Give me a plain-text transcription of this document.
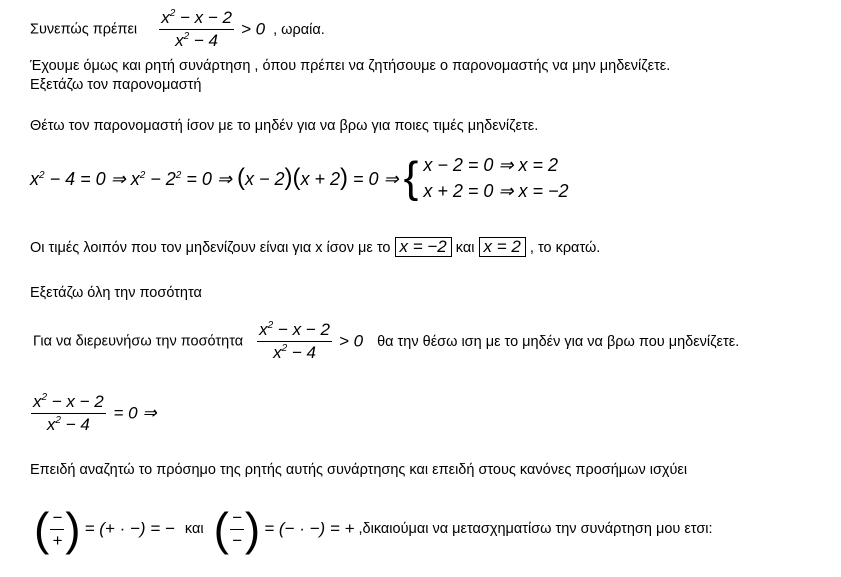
Συνεπώς πρέπει $\frac{x^2 - x - 2}{x^2 - 4} > 0$ , ωραία.
Έχουμε όμως και ρητή συνάρτηση , όπου πρέπει να ζητήσουμε ο παρονομαστής να μην μηδενίζετε.
Εξετάζω τον παρονομαστή
Θέτω τον παρονομαστή ίσον με το μηδέν για να βρω για ποιες τιμές μηδενίζετε.
$x^2 - 4 = 0$ ⇒ $x^2 - 2^2 = 0$ ⇒ (x − 2)(x + 2) = 0 ⇒ { x − 2 = 0 ⇒ x = 2
x + 2 = 0 ⇒ x = −2
Οι τιμές λοιπόν που τον μηδενίζουν είναι για x ίσον με το x = −2 και x = 2 , το κρατώ.
Εξετάζω όλη την ποσότητα
Για να διερευνήσω την ποσότητα $\frac{x^2 - x - 2}{x^2 - 4} > 0$ θα την θέσω ιση με το μηδέν για να βρω που μηδενίζετε.
$\frac{x^2 - x - 2}{x^2 - 4} = 0$ ⇒
Επειδή αναζητώ το πρόσημο της ρητής αυτής συνάρτησης και επειδή στους κανόνες προσήμων ισχύει
( $\frac{-}{+}$ ) = (+ · −) = − και ( $\frac{-}{-}$ ) = (− · −) = + ,δικαιούμαι να μετασχηματίσω την συνάρτηση μου ετσι:
